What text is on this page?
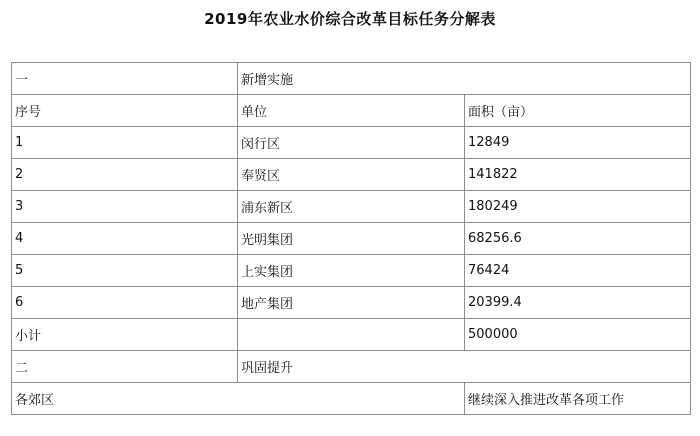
2019年农业水价综合改革目标任务分解表
一	新增实施	
序号	单位	面积（亩）
1	闵行区	12849
2	奉贤区	141822
3	浦东新区	180249
4	光明集团	68256.6
5	上实集团	76424
6	地产集团	20399.4
小计		500000
二	巩固提升	
各郊区		继续深入推进改革各项工作
